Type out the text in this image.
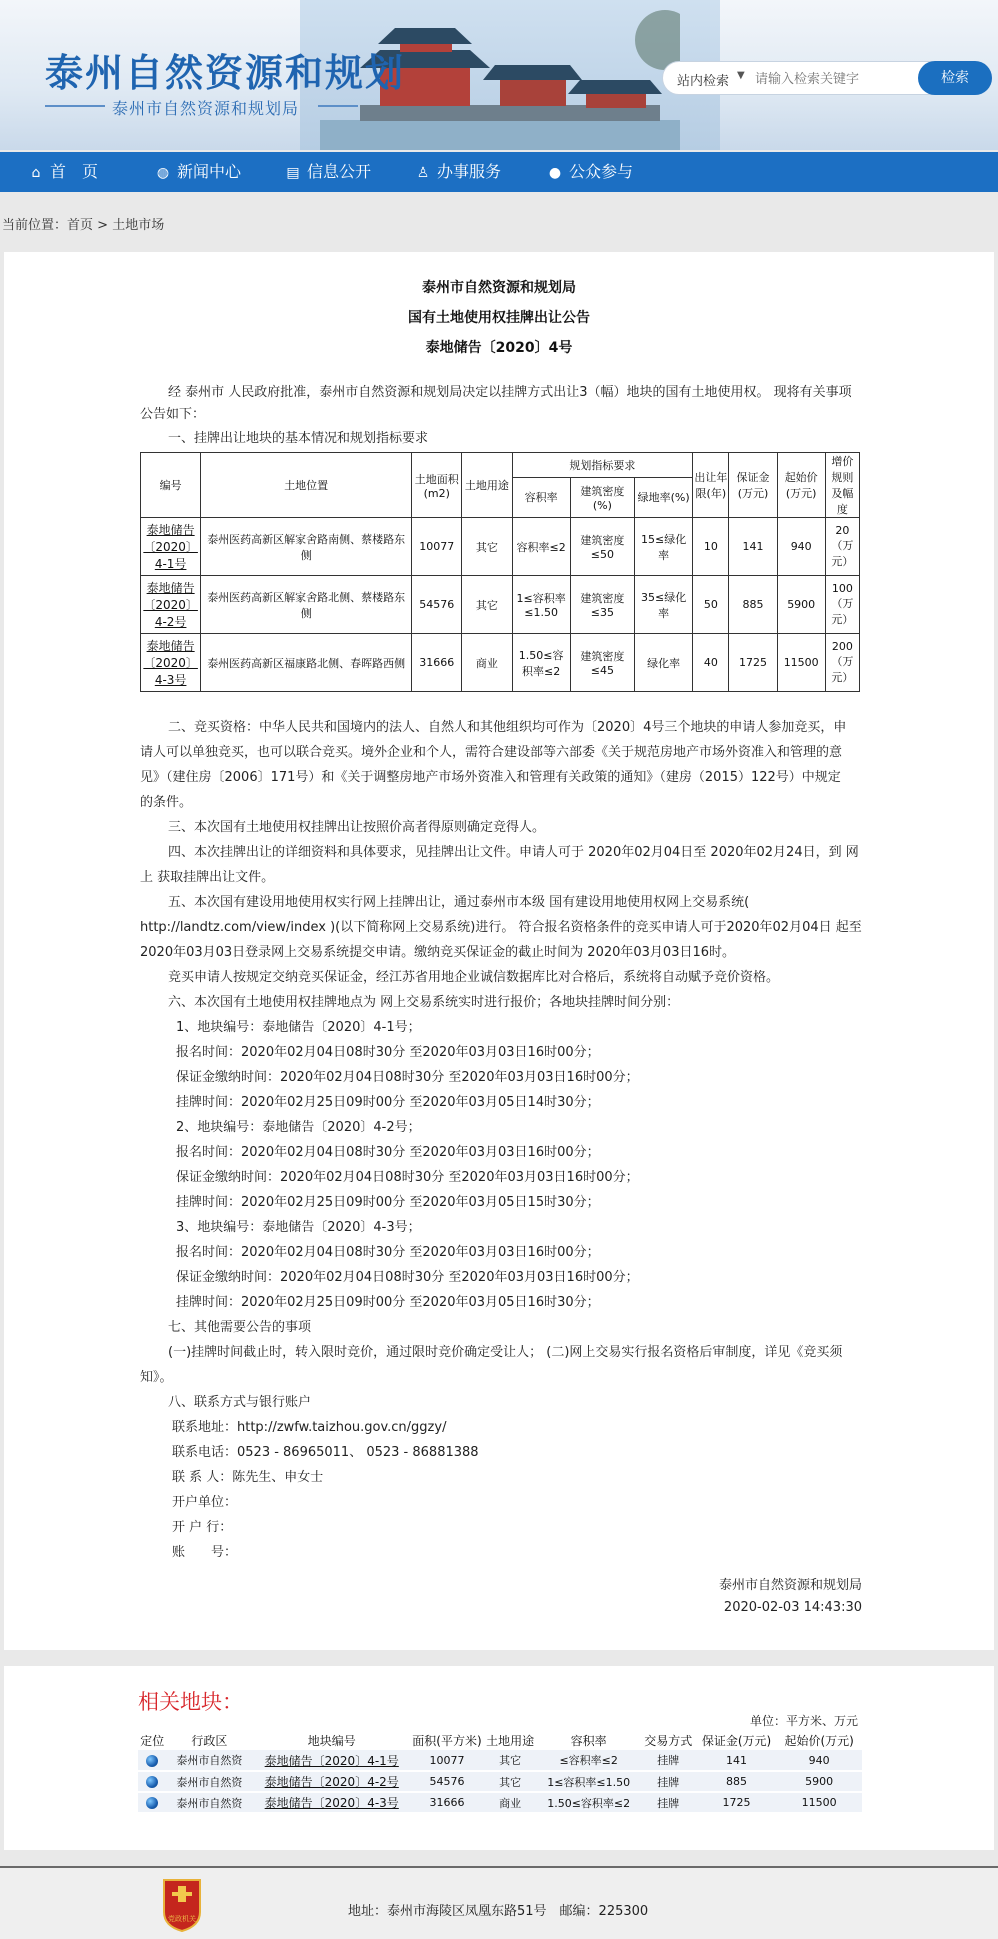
泰州自然资源和规划
泰州市自然资源和规划局
站内检索 ▼
请输入检索关键字	检索
⌂ 首　页	◍ 新闻中心	▤ 信息公开	♙ 办事服务	● 公众参与
当前位置：首页 > 土地市场
泰州市自然资源和规划局
国有土地使用权挂牌出让公告
泰地储告〔2020〕4号
经 泰州市 人民政府批准，泰州市自然资源和规划局决定以挂牌方式出让3（幅）地块的国有土地使用权。 现将有关事项
公告如下：
一、挂牌出让地块的基本情况和规划指标要求
编号	土地位置	土地面积(m2)	土地用途	规划指标要求			出让年限(年)	保证金(万元)	起始价(万元)	增价规则及幅度
				容积率	建筑密度(%)	绿地率(%)				
泰地储告〔2020〕4-1号	泰州医药高新区解家舍路南侧、蔡楼路东侧	10077	其它	容积率≤2	建筑密度≤50	15≤绿化率	10	141	940	20（万元）
泰地储告〔2020〕4-2号	泰州医药高新区解家舍路北侧、蔡楼路东侧	54576	其它	1≤容积率≤1.50	建筑密度≤35	35≤绿化率	50	885	5900	100（万元）
泰地储告〔2020〕4-3号	泰州医药高新区福康路北侧、春晖路西侧	31666	商业	1.50≤容积率≤2	建筑密度≤45	绿化率	40	1725	11500	200（万元）
二、竞买资格：中华人民共和国境内的法人、自然人和其他组织均可作为〔2020〕4号三个地块的申请人参加竞买，申
请人可以单独竞买，也可以联合竞买。境外企业和个人，需符合建设部等六部委《关于规范房地产市场外资准入和管理的意
见》（建住房〔2006〕171号）和《关于调整房地产市场外资准入和管理有关政策的通知》（建房（2015）122号）中规定
的条件。
三、本次国有土地使用权挂牌出让按照价高者得原则确定竞得人。
四、本次挂牌出让的详细资料和具体要求，见挂牌出让文件。申请人可于 2020年02月04日至 2020年02月24日，到 网
上 获取挂牌出让文件。
五、本次国有建设用地使用权实行网上挂牌出让，通过泰州市本级 国有建设用地使用权网上交易系统(
http://landtz.com/view/index )(以下简称网上交易系统)进行。 符合报名资格条件的竞买申请人可于2020年02月04日 起至
2020年03月03日登录网上交易系统提交申请。缴纳竞买保证金的截止时间为 2020年03月03日16时。
竞买申请人按规定交纳竞买保证金，经江苏省用地企业诚信数据库比对合格后，系统将自动赋予竞价资格。
六、本次国有土地使用权挂牌地点为 网上交易系统实时进行报价；各地块挂牌时间分别：
1、地块编号：泰地储告〔2020〕4-1号；
报名时间：2020年02月04日08时30分 至2020年03月03日16时00分；
保证金缴纳时间：2020年02月04日08时30分 至2020年03月03日16时00分；
挂牌时间：2020年02月25日09时00分 至2020年03月05日14时30分；
2、地块编号：泰地储告〔2020〕4-2号；
报名时间：2020年02月04日08时30分 至2020年03月03日16时00分；
保证金缴纳时间：2020年02月04日08时30分 至2020年03月03日16时00分；
挂牌时间：2020年02月25日09时00分 至2020年03月05日15时30分；
3、地块编号：泰地储告〔2020〕4-3号；
报名时间：2020年02月04日08时30分 至2020年03月03日16时00分；
保证金缴纳时间：2020年02月04日08时30分 至2020年03月03日16时00分；
挂牌时间：2020年02月25日09时00分 至2020年03月05日16时30分；
七、其他需要公告的事项
(一)挂牌时间截止时，转入限时竞价，通过限时竞价确定受让人； (二)网上交易实行报名资格后审制度，详见《竞买须
知》。
八、联系方式与银行账户
联系地址：http://zwfw.taizhou.gov.cn/ggzy/
联系电话：0523 - 86965011、 0523 - 86881388
联 系 人：陈先生、申女士
开户单位：
开 户 行：
账　　号：
泰州市自然资源和规划局
2020-02-03 14:43:30
相关地块：
单位：平方米、万元
定位	行政区	地块编号	面积(平方米)	土地用途	容积率	交易方式	保证金(万元)	起始价(万元)
	泰州市自然资	泰地储告〔2020〕4-1号	10077	其它	≤容积率≤2	挂牌	141	940
	泰州市自然资	泰地储告〔2020〕4-2号	54576	其它	1≤容积率≤1.50	挂牌	885	5900
	泰州市自然资	泰地储告〔2020〕4-3号	31666	商业	1.50≤容积率≤2	挂牌	1725	11500
党政机关	地址：泰州市海陵区凤凰东路51号　邮编：225300
